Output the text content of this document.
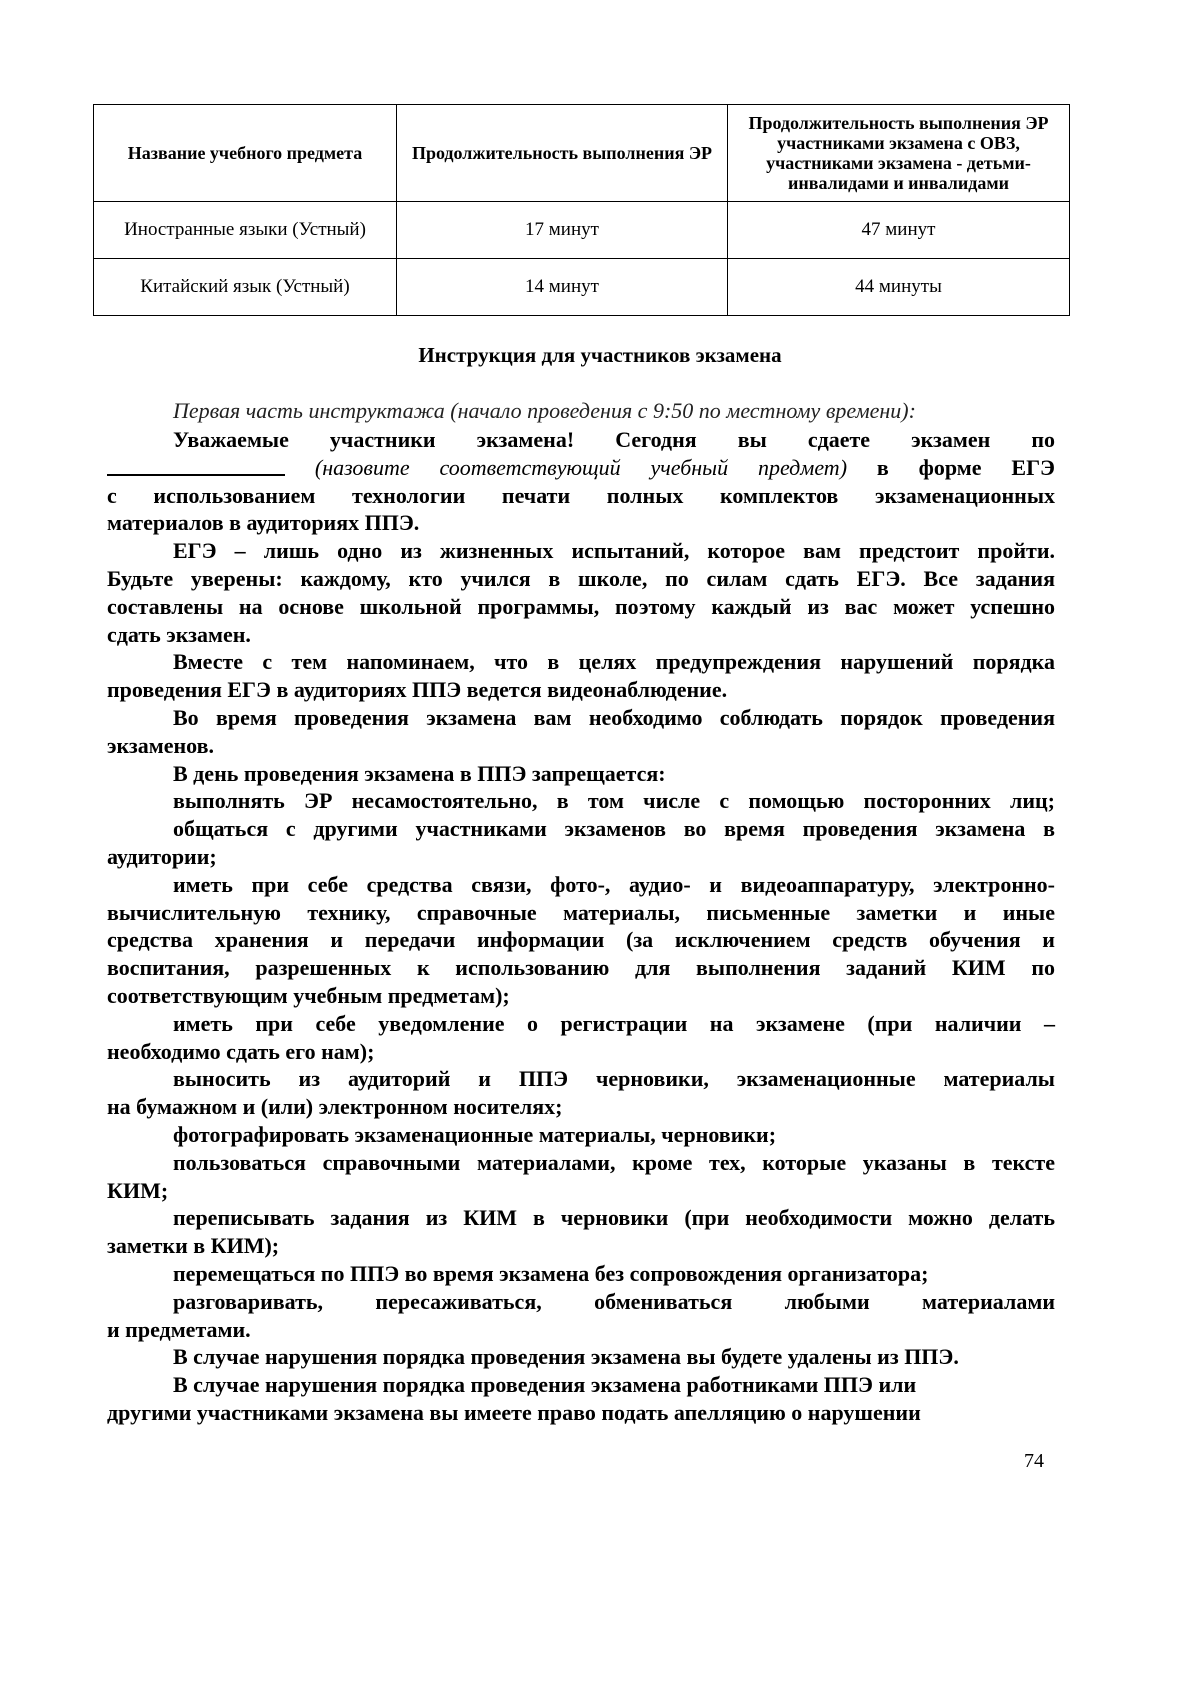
Название учебного предмета	Продолжительность выполнения ЭР	Продолжительность выполнения ЭР участниками экзамена с ОВЗ, участниками экзамена - детьми-инвалидами и инвалидами
Иностранные языки (Устный)	17 минут	47 минут
Китайский язык (Устный)	14 минут	44 минуты
Инструкция для участников экзамена
Первая часть инструктажа (начало проведения с 9:50 по местному времени):
Уважаемые участники экзамена! Сегодня вы сдаете экзамен по
(назовите соответствующий учебный предмет) в форме ЕГЭ
с использованием технологии печати полных комплектов экзаменационных
материалов в аудиториях ППЭ.
ЕГЭ – лишь одно из жизненных испытаний, которое вам предстоит пройти.
Будьте уверены: каждому, кто учился в школе, по силам сдать ЕГЭ. Все задания
составлены на основе школьной программы, поэтому каждый из вас может успешно
сдать экзамен.
Вместе с тем напоминаем, что в целях предупреждения нарушений порядка
проведения ЕГЭ в аудиториях ППЭ ведется видеонаблюдение.
Во время проведения экзамена вам необходимо соблюдать порядок проведения
экзаменов.
В день проведения экзамена в ППЭ запрещается:
выполнять ЭР несамостоятельно, в том числе с помощью посторонних лиц;
общаться с другими участниками экзаменов во время проведения экзамена в
аудитории;
иметь при себе средства связи, фото-, аудио- и видеоаппаратуру, электронно-
вычислительную технику, справочные материалы, письменные заметки и иные
средства хранения и передачи информации (за исключением средств обучения и
воспитания, разрешенных к использованию для выполнения заданий КИМ по
соответствующим учебным предметам);
иметь при себе уведомление о регистрации на экзамене (при наличии –
необходимо сдать его нам);
выносить из аудиторий и ППЭ черновики, экзаменационные материалы
на бумажном и (или) электронном носителях;
фотографировать экзаменационные материалы, черновики;
пользоваться справочными материалами, кроме тех, которые указаны в тексте
КИМ;
переписывать задания из КИМ в черновики (при необходимости можно делать
заметки в КИМ);
перемещаться по ППЭ во время экзамена без сопровождения организатора;
разговаривать, пересаживаться, обмениваться любыми материалами
и предметами.
В случае нарушения порядка проведения экзамена вы будете удалены из ППЭ.
В случае нарушения порядка проведения экзамена работниками ППЭ или
другими участниками экзамена вы имеете право подать апелляцию о нарушении
74
